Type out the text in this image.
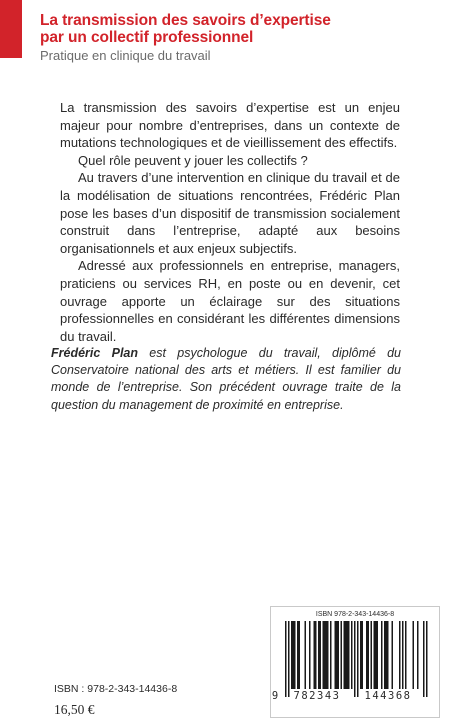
La transmission des savoirs d’expertise
par un collectif professionnel
Pratique en clinique du travail

La transmission des savoirs d’expertise est un enjeu majeur pour nombre d’entreprises, dans un contexte de mutations technologiques et de vieillissement des effectifs.

Quel rôle peuvent y jouer les collectifs ?

Au travers d’une intervention en clinique du travail et de la modélisation de situations rencontrées, Frédéric Plan pose les bases d’un dispositif de transmission socialement construit dans l’entreprise, adapté aux besoins organisationnels et aux enjeux subjectifs.

Adressé aux professionnels en entreprise, managers, praticiens ou services RH, en poste ou en devenir, cet ouvrage apporte un éclairage sur des situations professionnelles en considérant les différentes dimensions du travail.

Frédéric Plan est psychologue du travail, diplômé du Conservatoire national des arts et métiers. Il est familier du monde de l’entreprise. Son précédent ouvrage traite de la question du management de proximité en entreprise.

ISBN : 978-2-343-14436-8
16,50 €
ISBN 978-2-343-14436-8
9	782343	144368
